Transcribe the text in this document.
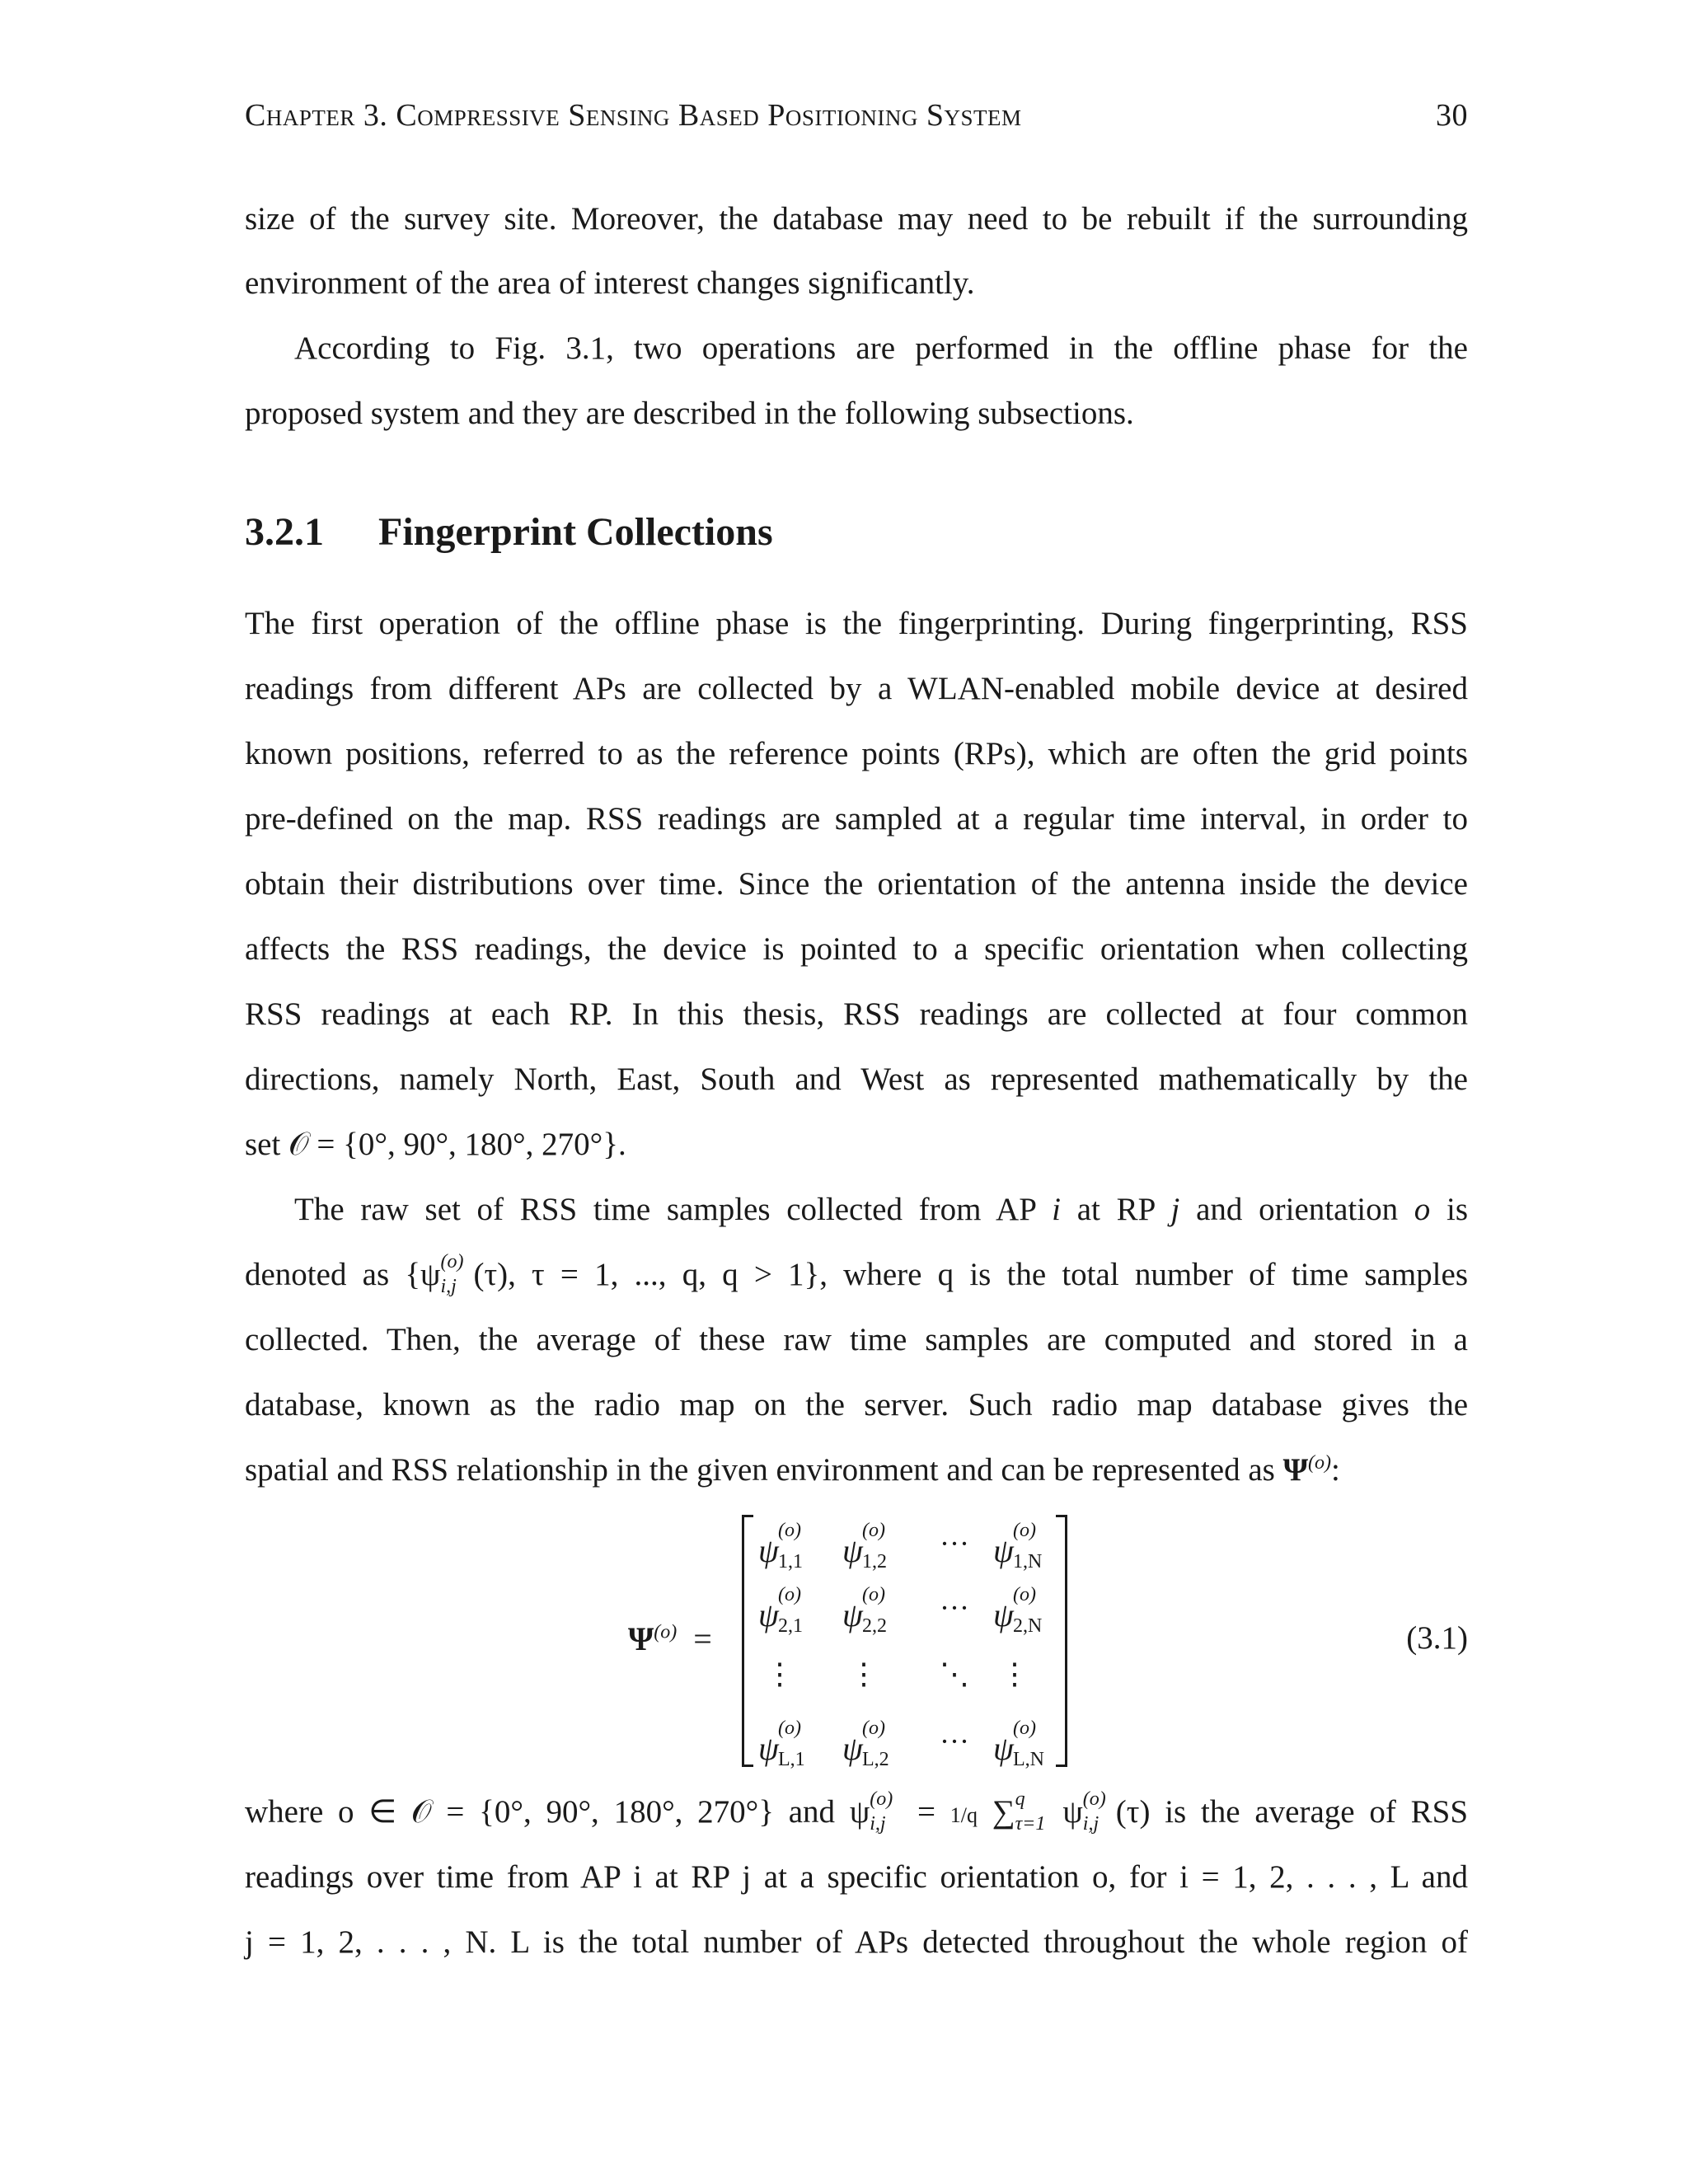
Chapter 3. Compressive Sensing Based Positioning System	30
size of the survey site. Moreover, the database may need to be rebuilt if the surrounding
environment of the area of interest changes significantly.
According to Fig. 3.1, two operations are performed in the offline phase for the
proposed system and they are described in the following subsections.
3.2.1 Fingerprint Collections
The first operation of the offline phase is the fingerprinting. During fingerprinting, RSS
readings from different APs are collected by a WLAN-enabled mobile device at desired
known positions, referred to as the reference points (RPs), which are often the grid points
pre-defined on the map. RSS readings are sampled at a regular time interval, in order to
obtain their distributions over time. Since the orientation of the antenna inside the device
affects the RSS readings, the device is pointed to a specific orientation when collecting
RSS readings at each RP. In this thesis, RSS readings are collected at four common
directions, namely North, East, South and West as represented mathematically by the
set 𝒪 = {0°, 90°, 180°, 270°}.
The raw set of RSS time samples collected from AP i at RP j and orientation o is
denoted as {ψ (o)
i,j (τ), τ = 1, ..., q, q > 1}, where q is the total number of time samples
collected. Then, the average of these raw time samples are computed and stored in a
database, known as the radio map on the server. Such radio map database gives the
spatial and RSS relationship in the given environment and can be represented as $\Psi^{(o)}$:
$\Psi^{(o)}$ =
ψ
(o)
1,1 ψ
(o)
1,2
··· ψ
(o)
1,N
ψ
(o)
2,1 ψ
(o)
2,2
··· ψ
(o)
2,N
⋮ ⋮ ⋱ ⋮
ψ
(o)
L,1 ψ
(o)
L,2
··· ψ
(o)
L,N
(3.1)
where o ∈ 𝒪 = {0°, 90°, 180°, 270°} and ψ (o)
i,j = 1/q ∑ q
τ=1 ψ (o)
i,j (τ) is the average of RSS
readings over time from AP i at RP j at a specific orientation o, for i = 1, 2, . . . , L and
j = 1, 2, . . . , N. L is the total number of APs detected throughout the whole region of
